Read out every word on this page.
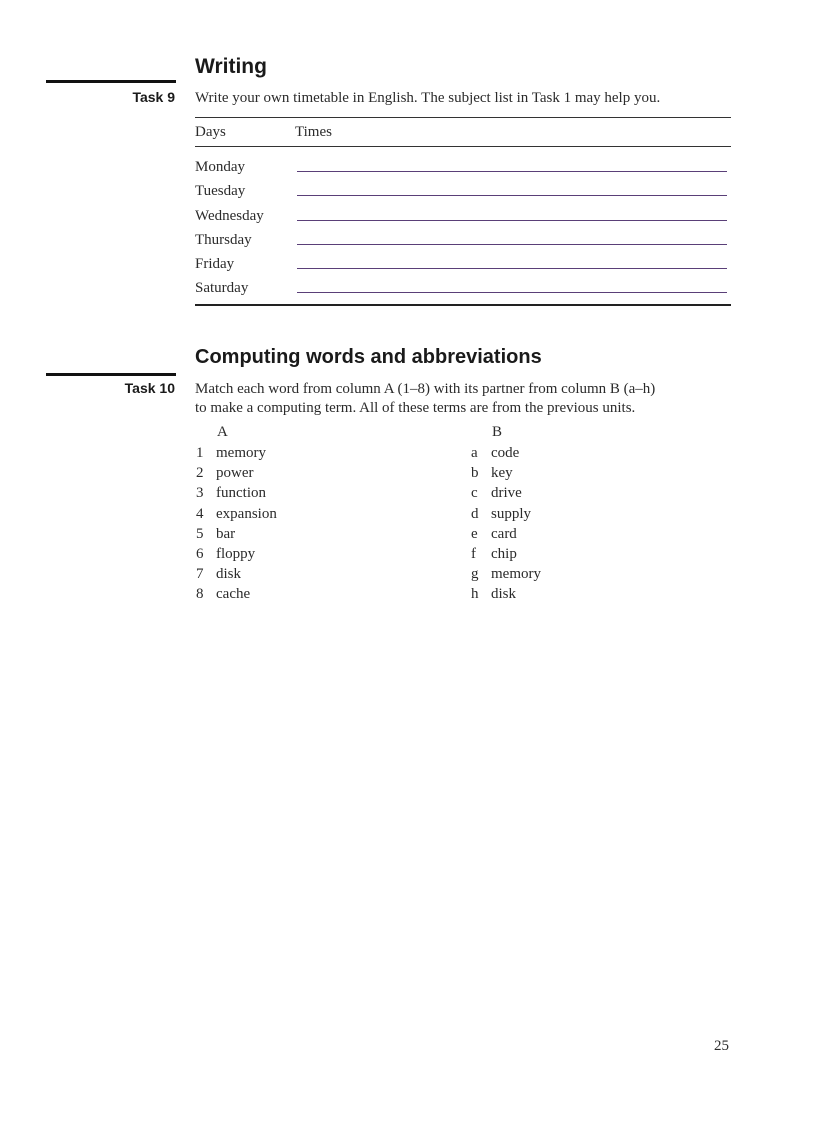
Writing
Task 9 Write your own timetable in English. The subject list in Task 1 may help you.
Days	Times
Monday
Tuesday
Wednesday
Thursday
Friday
Saturday
Computing words and abbreviations
Task 10 Match each word from column A (1–8) with its partner from column B (a–h)
to make a computing term. All of these terms are from the previous units.
A	B
1 memory
2 power
3 function
4 expansion
5 bar
6 floppy
7 disk
8 cache
a code
b key
c drive
d supply
e card
f chip
g memory
h disk
25
